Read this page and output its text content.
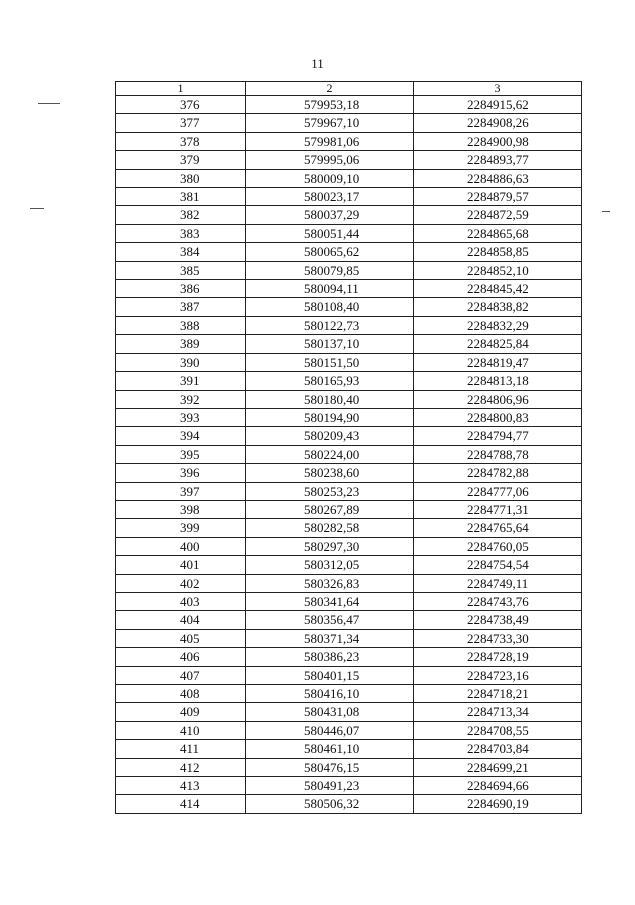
11
1	2	3
376	579953,18	2284915,62
377	579967,10	2284908,26
378	579981,06	2284900,98
379	579995,06	2284893,77
380	580009,10	2284886,63
381	580023,17	2284879,57
382	580037,29	2284872,59
383	580051,44	2284865,68
384	580065,62	2284858,85
385	580079,85	2284852,10
386	580094,11	2284845,42
387	580108,40	2284838,82
388	580122,73	2284832,29
389	580137,10	2284825,84
390	580151,50	2284819,47
391	580165,93	2284813,18
392	580180,40	2284806,96
393	580194,90	2284800,83
394	580209,43	2284794,77
395	580224,00	2284788,78
396	580238,60	2284782,88
397	580253,23	2284777,06
398	580267,89	2284771,31
399	580282,58	2284765,64
400	580297,30	2284760,05
401	580312,05	2284754,54
402	580326,83	2284749,11
403	580341,64	2284743,76
404	580356,47	2284738,49
405	580371,34	2284733,30
406	580386,23	2284728,19
407	580401,15	2284723,16
408	580416,10	2284718,21
409	580431,08	2284713,34
410	580446,07	2284708,55
411	580461,10	2284703,84
412	580476,15	2284699,21
413	580491,23	2284694,66
414	580506,32	2284690,19
